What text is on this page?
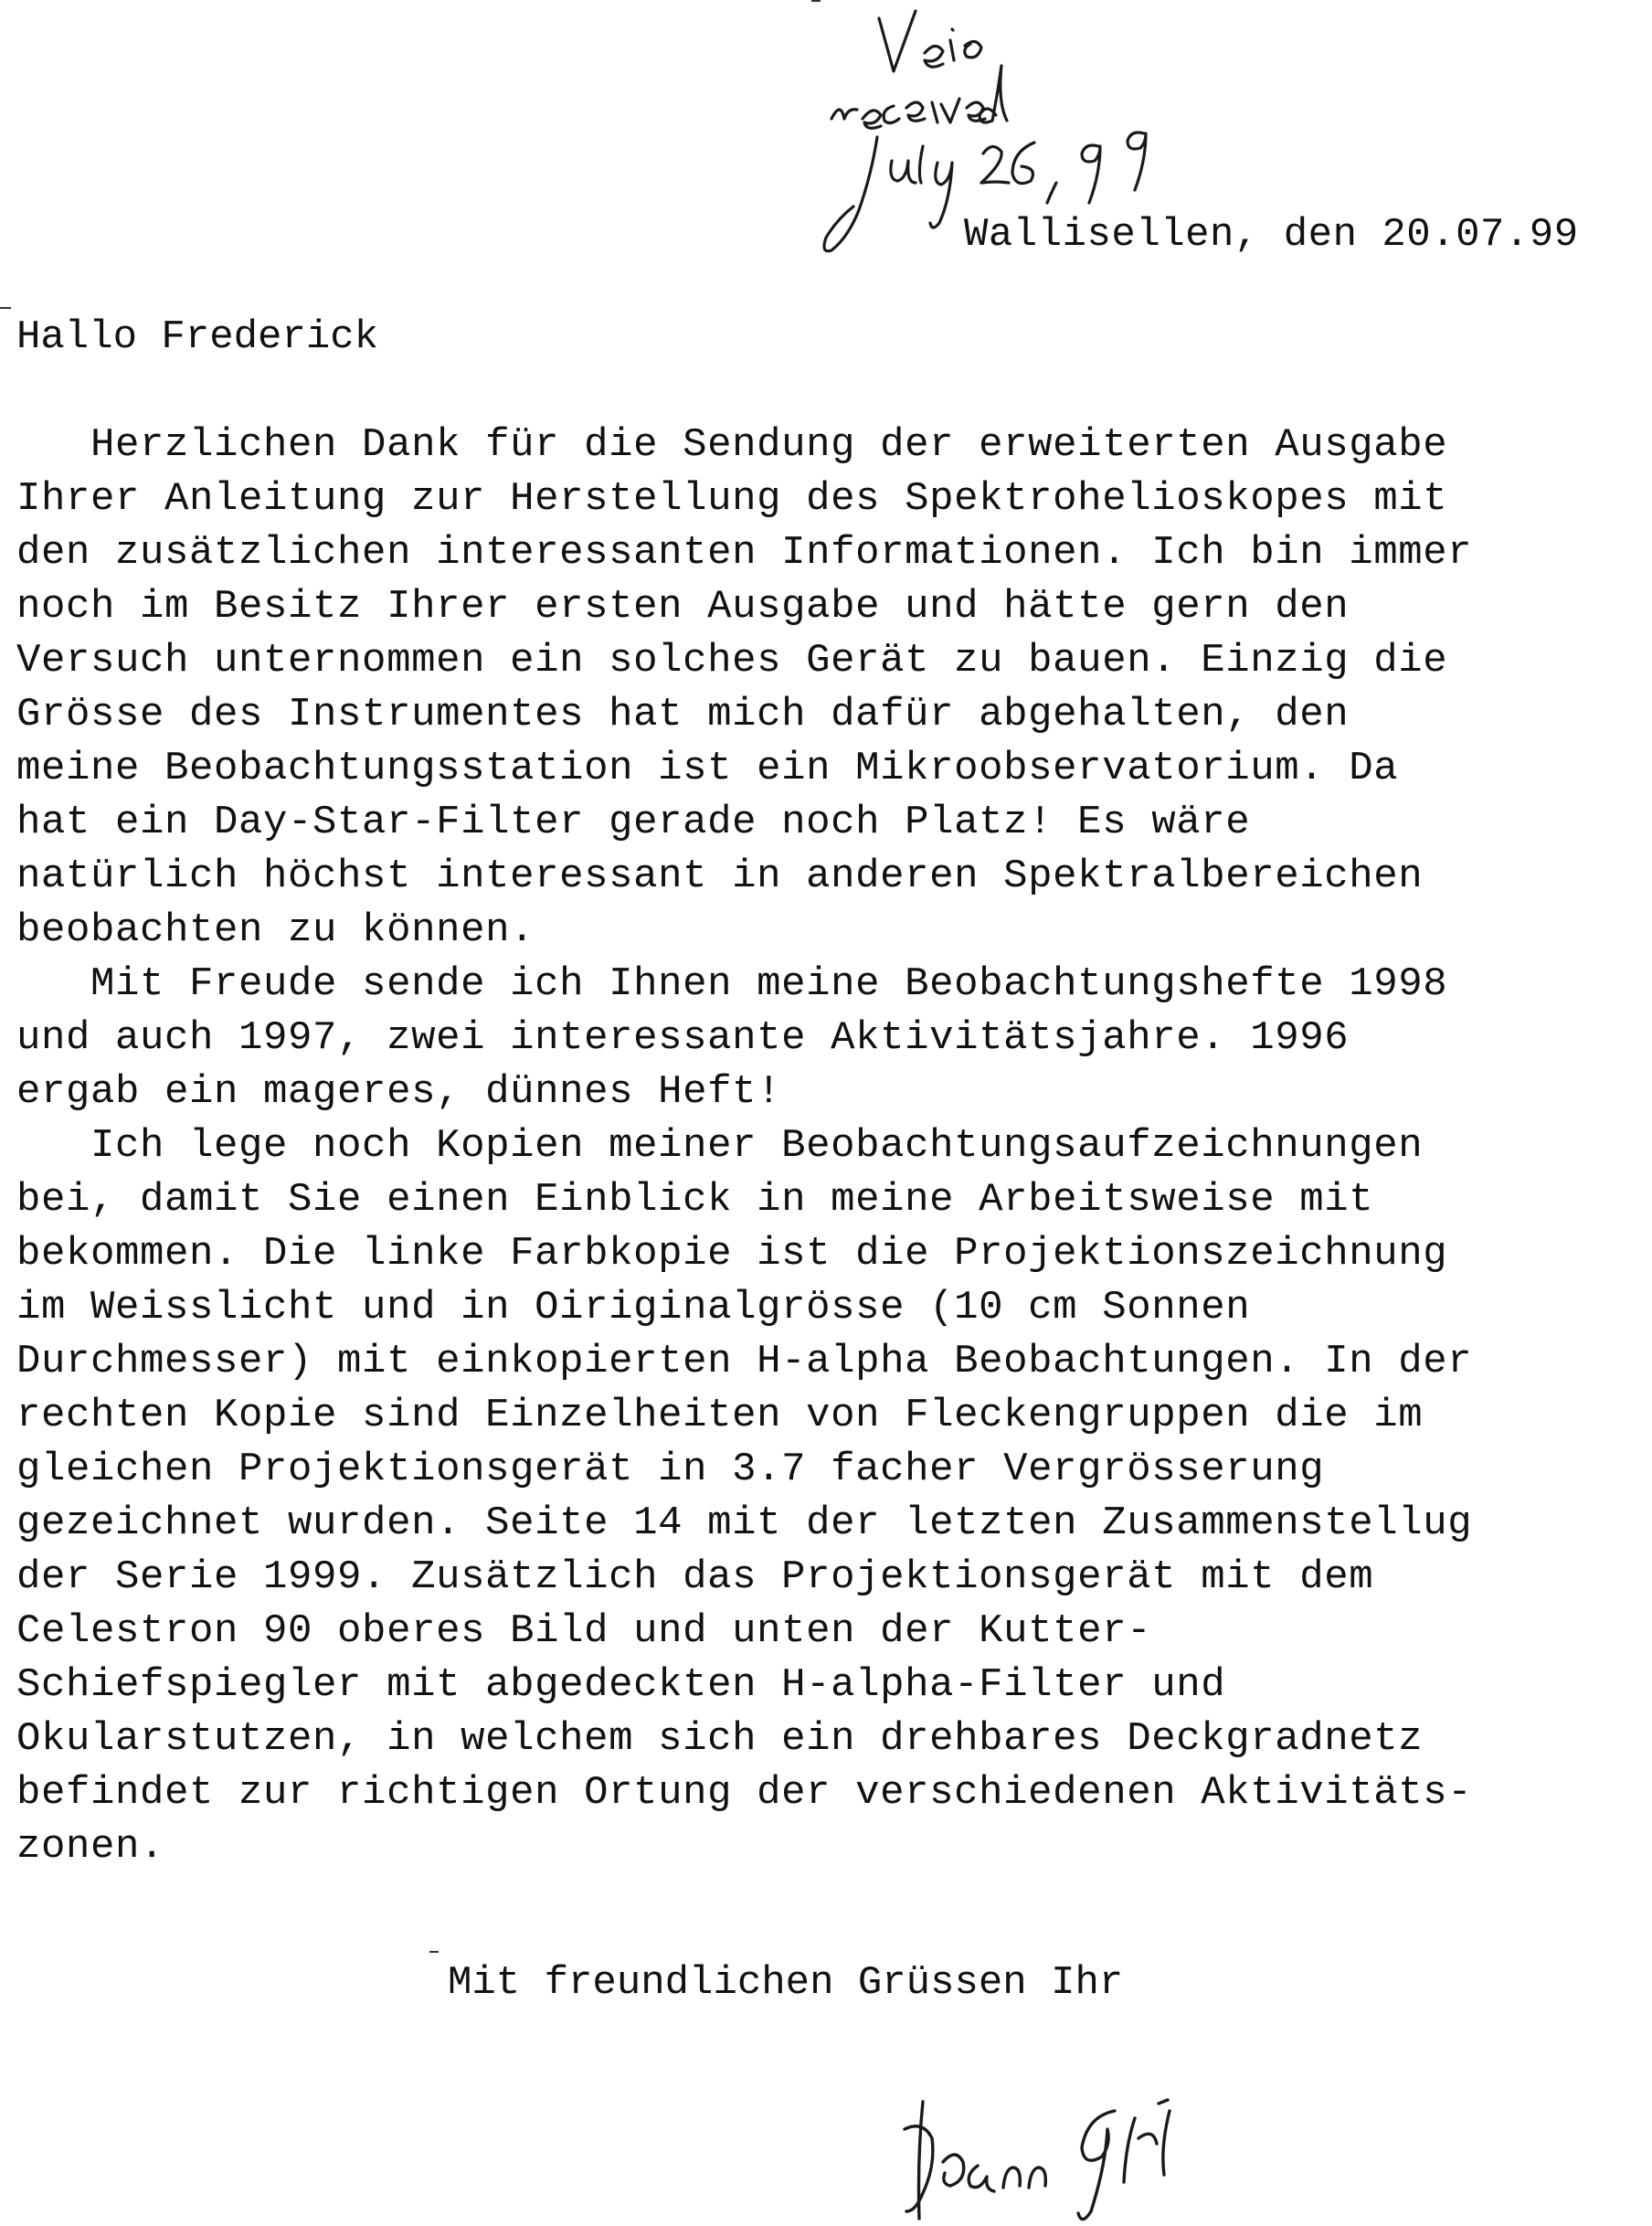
Wallisellen, den 20.07.99
Hallo Frederick
Herzlichen Dank für die Sendung der erweiterten Ausgabe
Ihrer Anleitung zur Herstellung des Spektrohelioskopes mit
den zusätzlichen interessanten Informationen. Ich bin immer
noch im Besitz Ihrer ersten Ausgabe und hätte gern den
Versuch unternommen ein solches Gerät zu bauen. Einzig die
Grösse des Instrumentes hat mich dafür abgehalten, den
meine Beobachtungsstation ist ein Mikroobservatorium. Da
hat ein Day-Star-Filter gerade noch Platz! Es wäre
natürlich höchst interessant in anderen Spektralbereichen
beobachten zu können.
Mit Freude sende ich Ihnen meine Beobachtungshefte 1998
und auch 1997, zwei interessante Aktivitätsjahre. 1996
ergab ein mageres, dünnes Heft!
Ich lege noch Kopien meiner Beobachtungsaufzeichnungen
bei, damit Sie einen Einblick in meine Arbeitsweise mit
bekommen. Die linke Farbkopie ist die Projektionszeichnung
im Weisslicht und in Oiriginalgrösse (10 cm Sonnen
Durchmesser) mit einkopierten H-alpha Beobachtungen. In der
rechten Kopie sind Einzelheiten von Fleckengruppen die im
gleichen Projektionsgerät in 3.7 facher Vergrösserung
gezeichnet wurden. Seite 14 mit der letzten Zusammenstellug
der Serie 1999. Zusätzlich das Projektionsgerät mit dem
Celestron 90 oberes Bild und unten der Kutter-
Schiefspiegler mit abgedeckten H-alpha-Filter und
Okularstutzen, in welchem sich ein drehbares Deckgradnetz
befindet zur richtigen Ortung der verschiedenen Aktivitäts-
zonen.
Mit freundlichen Grüssen Ihr
